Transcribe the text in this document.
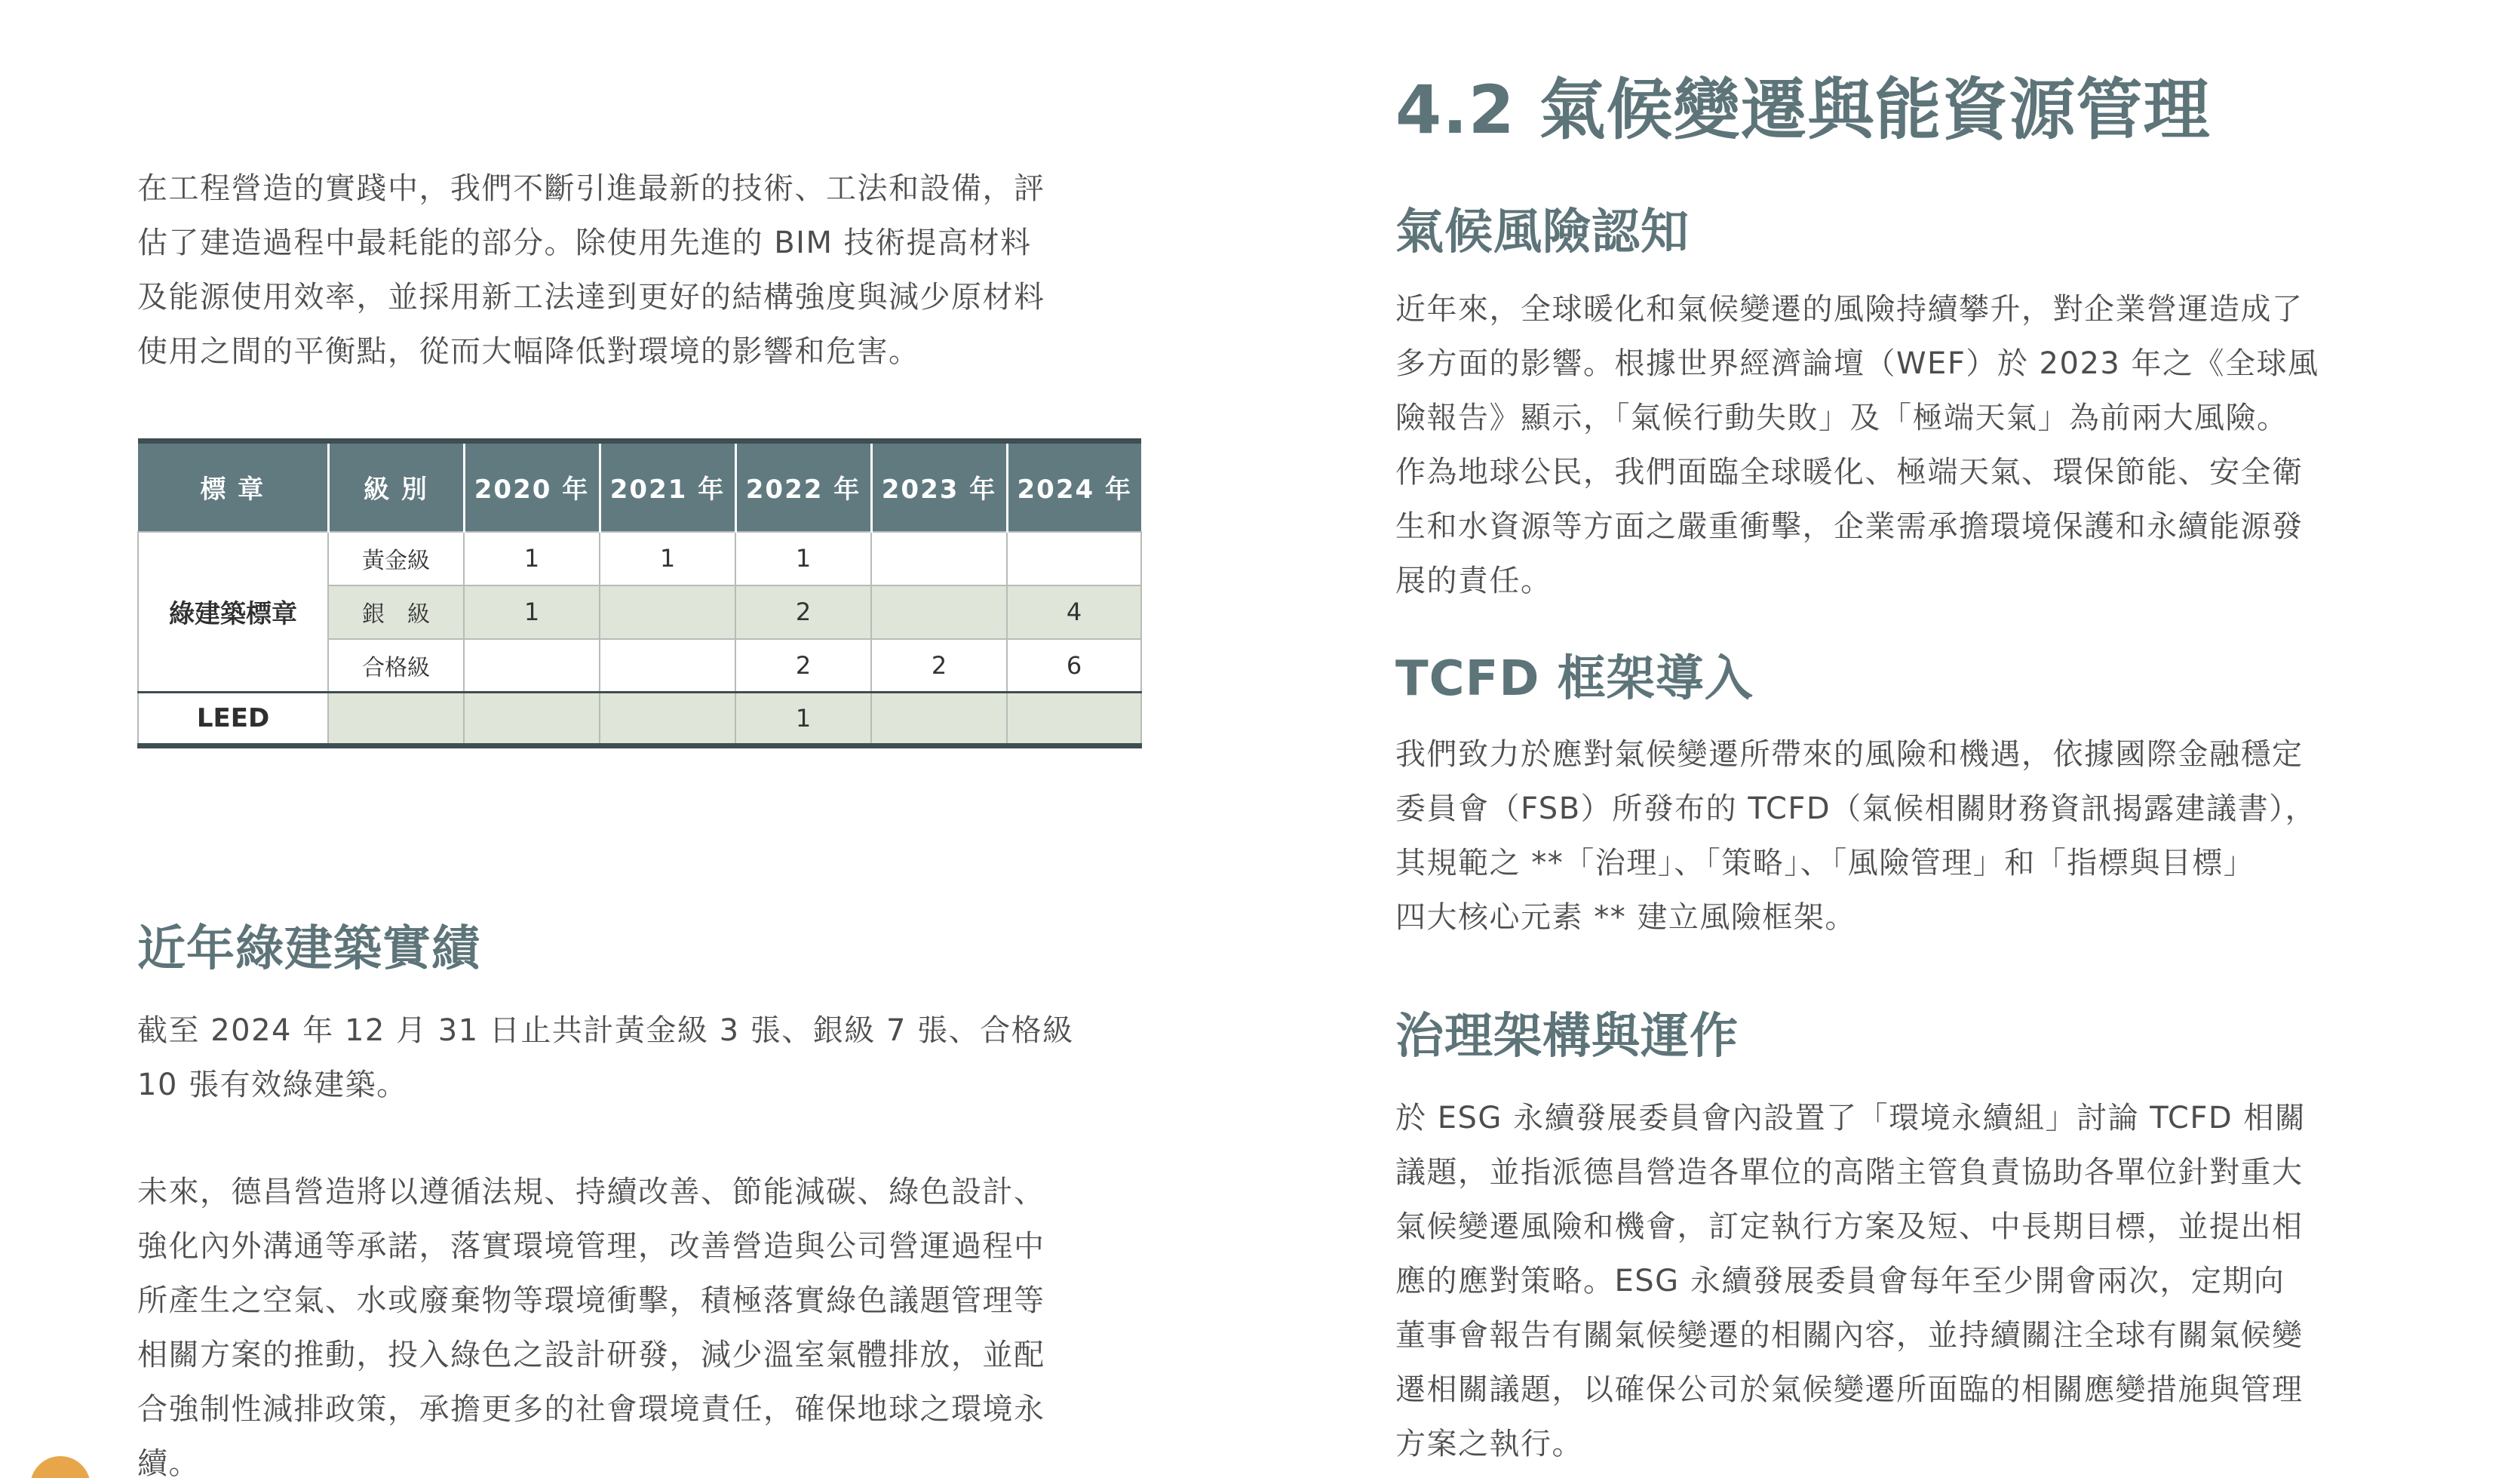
在工程營造的實踐中，我們不斷引進最新的技術、工法和設備，評
估了建造過程中最耗能的部分。除使用先進的 BIM 技術提高材料
及能源使用效率，並採用新工法達到更好的結構強度與減少原材料
使用之間的平衡點，從而大幅降低對環境的影響和危害。
標 章	級 別	2020 年	2021 年	2022 年	2023 年	2024 年
綠建築標章	黃金級	1	1	1		
	銀　級	1		2		4
	合格級			2	2	6
LEED				1		
近年綠建築實績
截至 2024 年 12 月 31 日止共計黃金級 3 張、銀級 7 張、合格級
10 張有效綠建築。
未來，德昌營造將以遵循法規、持續改善、節能減碳、綠色設計、
強化內外溝通等承諾，落實環境管理，改善營造與公司營運過程中
所產生之空氣、水或廢棄物等環境衝擊，積極落實綠色議題管理等
相關方案的推動，投入綠色之設計研發，減少溫室氣體排放，並配
合強制性減排政策，承擔更多的社會環境責任，確保地球之環境永
續。
4.2 氣候變遷與能資源管理
氣候風險認知
近年來，全球暖化和氣候變遷的風險持續攀升，對企業營運造成了
多方面的影響。根據世界經濟論壇（WEF）於 2023 年之《全球風
險報告》顯示，「氣候行動失敗」及「極端天氣」為前兩大風險。
作為地球公民，我們面臨全球暖化、極端天氣、環保節能、安全衛
生和水資源等方面之嚴重衝擊，企業需承擔環境保護和永續能源發
展的責任。
TCFD 框架導入
我們致力於應對氣候變遷所帶來的風險和機遇，依據國際金融穩定
委員會（FSB）所發布的 TCFD（氣候相關財務資訊揭露建議書），
其規範之 **「治理」、「策略」、「風險管理」和「指標與目標」
四大核心元素 ** 建立風險框架。
治理架構與運作
於 ESG 永續發展委員會內設置了「環境永續組」討論 TCFD 相關
議題，並指派德昌營造各單位的高階主管負責協助各單位針對重大
氣候變遷風險和機會，訂定執行方案及短、中長期目標，並提出相
應的應對策略。ESG 永續發展委員會每年至少開會兩次，定期向
董事會報告有關氣候變遷的相關內容，並持續關注全球有關氣候變
遷相關議題，以確保公司於氣候變遷所面臨的相關應變措施與管理
方案之執行。
